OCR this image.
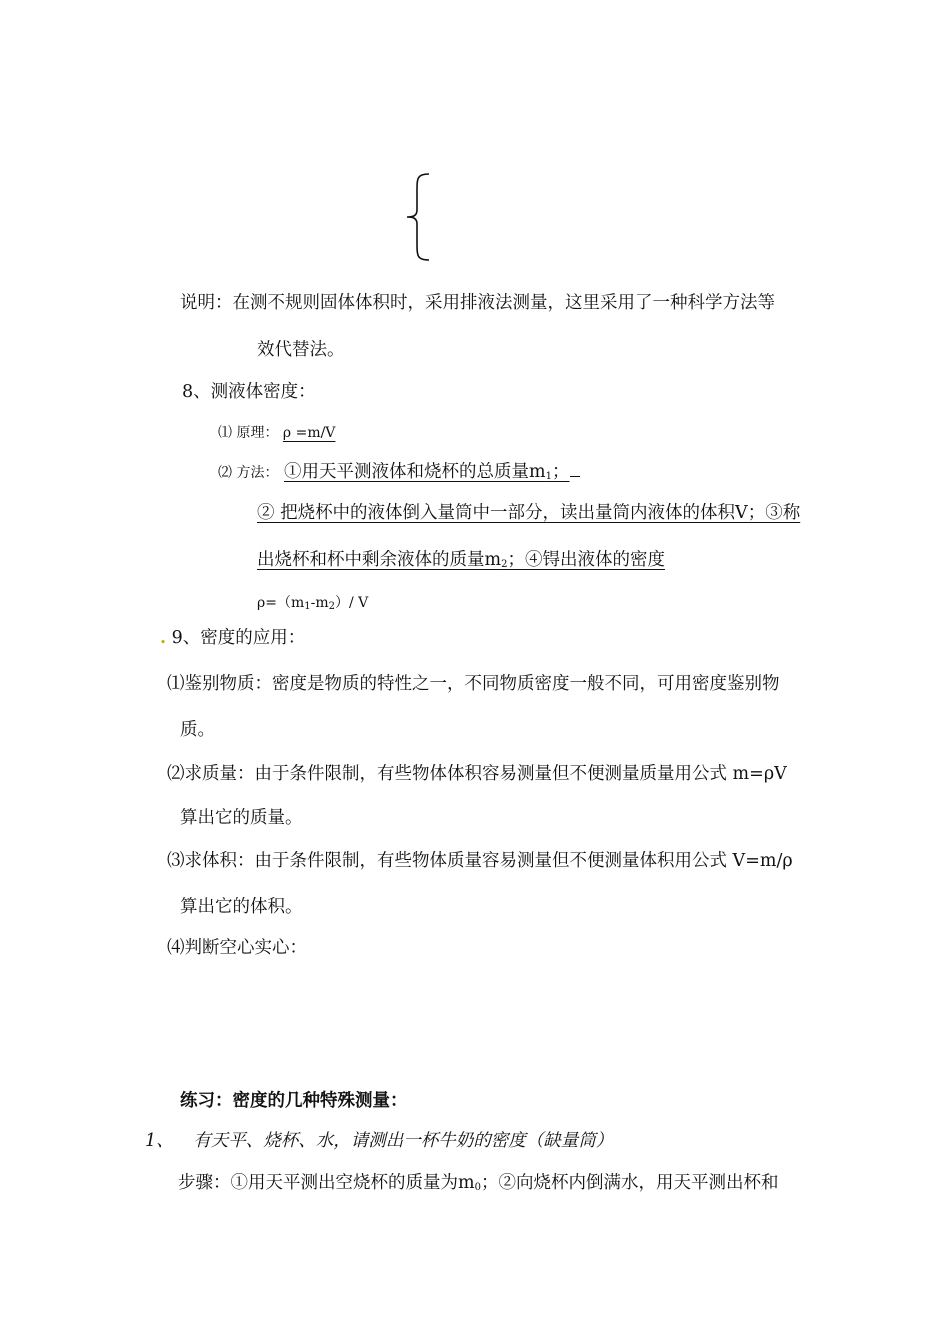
说明：在测不规则固体体积时，采用排液法测量，这里采用了一种科学方法等
效代替法。
8、测液体密度：
⑴ 原理： ρ =m/V
⑵ 方法： ①用天平测液体和烧杯的总质量$m_1$；
② 把烧杯中的液体倒入量筒中一部分，读出量筒内液体的体积V；③称
出烧杯和杯中剩余液体的质量$m_2$；④锝出液体的密度
$\rho=(m_1-m_2)/$ V
. 9、密度的应用：
⑴鉴别物质：密度是物质的特性之一，不同物质密度一般不同，可用密度鉴别物
质。
⑵求质量：由于条件限制，有些物体体积容易测量但不便测量质量用公式 m=ρV
算出它的质量。
⑶求体积：由于条件限制，有些物体质量容易测量但不便测量体积用公式 V=m/ρ
算出它的体积。
⑷判断空心实心：
练习：密度的几种特殊测量：
1、 有天平、烧杯、水，请测出一杯牛奶的密度（缺量筒）
步骤：①用天平测出空烧杯的质量为$m_0$；②向烧杯内倒满水，用天平测出杯和
